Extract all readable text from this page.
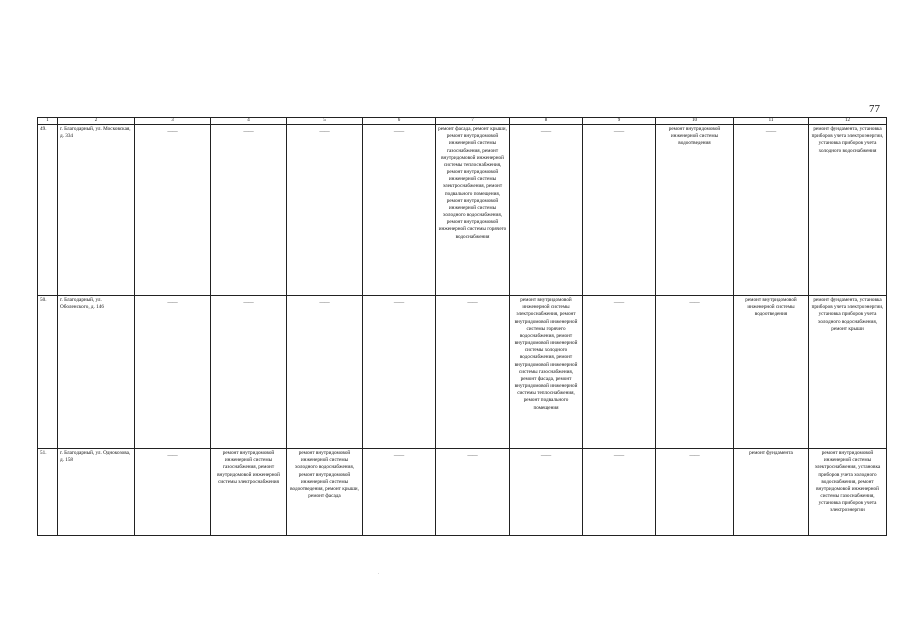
77
1	2	3	4	5	6	7	8	9	10	11	12
49.	г. Благодарный, ул. Московская, д. 334	——	——	——	——	ремонт фасада, ремонт крыши, ремонт внутридомовой инженерной системы газоснабжения, ремонт внутридомовой инженерной системы теплоснабжения, ремонт внутридомовой инженерной системы электроснабжения, ремонт подвального помещения, ремонт внутридомовой инженерной системы холодного водоснабжения, ремонт внутридомовой инженерной системы горячего водоснабжения	——	——	ремонт внутридомовой инженерной системы водоотведения	——	ремонт фундамента, установка приборов учета электроэнергии, установка приборов учета холодного водоснабжения
50.	г. Благодарный, ул. Оболенского, д. 146	——	——	——	——	——	ремонт внутридомовой инженерной системы электроснабжения, ремонт внутридомовой инженерной системы горячего водоснабжения, ремонт внутридомовой инженерной системы холодного водоснабжения, ремонт внутридомовой инженерной системы газоснабжения, ремонт фасада, ремонт внутридомовой инженерной системы теплоснабжения, ремонт подвального помещения	——	——	ремонт внутридомовой инженерной системы водоотведения	ремонт фундамента, установка приборов учета электроэнергии, установка приборов учета холодного водоснабжения, ремонт крыши
51.	г. Благодарный, ул. Однокозова, д. 158	——	ремонт внутридомовой инженерной системы газоснабжения, ремонт внутридомовой инженерной системы электроснабжения	ремонт внутридомовой инженерной системы холодного водоснабжения, ремонт внутридомовой инженерной системы водоотведения, ремонт крыши, ремонт фасада	——	——	——	——	——	ремонт фундамента	ремонт внутридомовой инженерной системы электроснабжения, установка приборов учета холодного водоснабжения, ремонт внутридомовой инженерной системы газоснабжения, установка приборов учета электроэнергии
·
